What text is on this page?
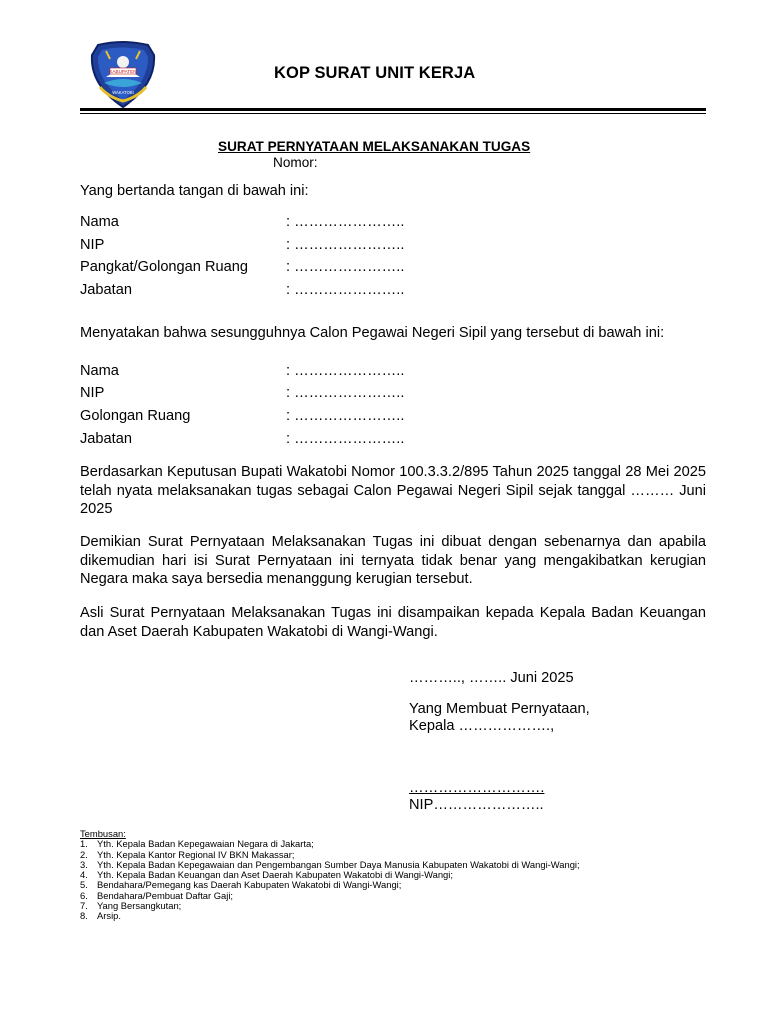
KABUPATEN
WAKATOBI
KOP SURAT UNIT KERJA
SURAT PERNYATAAN MELAKSANAKAN TUGAS
Nomor:
Yang bertanda tangan di bawah ini:
Nama	: …………………..
NIP	: …………………..
Pangkat/Golongan Ruang	: …………………..
Jabatan	: …………………..
Menyatakan bahwa sesungguhnya Calon Pegawai Negeri Sipil yang tersebut di bawah ini:
Nama	: …………………..
NIP	: …………………..
Golongan Ruang	: …………………..
Jabatan	: …………………..
Berdasarkan Keputusan Bupati Wakatobi Nomor 100.3.3.2/895 Tahun 2025 tanggal 28 Mei 2025 telah nyata melaksanakan tugas sebagai Calon Pegawai Negeri Sipil sejak tanggal ……… Juni 2025
Demikian Surat Pernyataan Melaksanakan Tugas ini dibuat dengan sebenarnya dan apabila dikemudian hari isi Surat Pernyataan ini ternyata tidak benar yang mengakibatkan kerugian Negara maka saya bersedia menanggung kerugian tersebut.
Asli Surat Pernyataan Melaksanakan Tugas ini disampaikan kepada Kepala Badan Keuangan dan Aset Daerah Kabupaten Wakatobi di Wangi-Wangi.
……….., …….. Juni 2025
Yang Membuat Pernyataan,
Kepala ……………….,
……………………….
NIP…………………..
Tembusan:
1. Yth. Kepala Badan Kepegawaian Negara di Jakarta;
2. Yth. Kepala Kantor Regional IV BKN Makassar;
3. Yth. Kepala Badan Kepegawaian dan Pengembangan Sumber Daya Manusia Kabupaten Wakatobi di Wangi-Wangi;
4. Yth. Kepala Badan Keuangan dan Aset Daerah Kabupaten Wakatobi di Wangi-Wangi;
5. Bendahara/Pemegang kas Daerah Kabupaten Wakatobi di Wangi-Wangi;
6. Bendahara/Pembuat Daftar Gaji;
7. Yang Bersangkutan;
8. Arsip.
